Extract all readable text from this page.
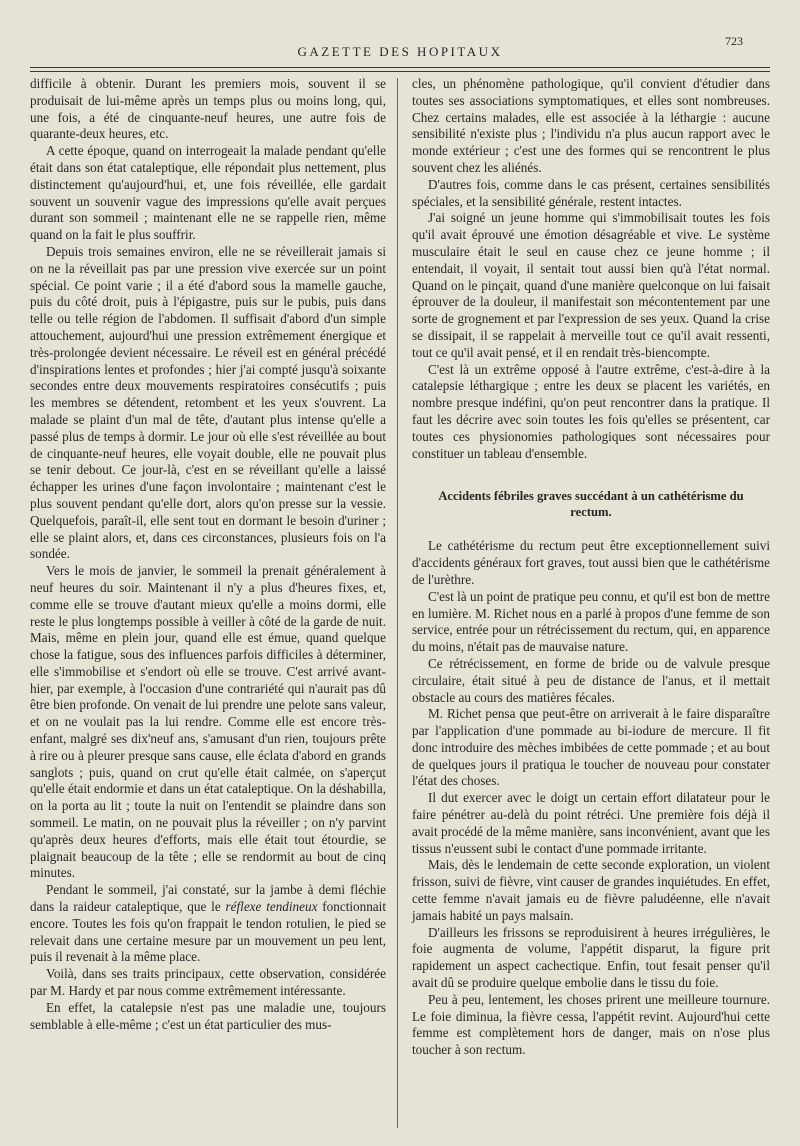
GAZETTE DES HOPITAUX
723

difficile à obtenir. Durant les premiers mois, souvent il se produisait de lui-même après un temps plus ou moins long, qui, une fois, a été de cinquante-neuf heures, une autre fois de quarante-deux heures, etc.

A cette époque, quand on interrogeait la malade pendant qu'elle était dans son état cataleptique, elle répondait plus nettement, plus distinctement qu'aujourd'hui, et, une fois réveillée, elle gardait souvent un souvenir vague des impressions qu'elle avait perçues durant son sommeil ; maintenant elle ne se rappelle rien, même quand on la fait le plus souffrir.

Depuis trois semaines environ, elle ne se réveillerait jamais si on ne la réveillait pas par une pression vive exercée sur un point spécial. Ce point varie ; il a été d'abord sous la mamelle gauche, puis du côté droit, puis à l'épigastre, puis sur le pubis, puis dans telle ou telle région de l'abdomen. Il suffisait d'abord d'un simple attouchement, aujourd'hui une pression extrêmement énergique et très-prolongée devient nécessaire. Le réveil est en général précédé d'inspirations lentes et profondes ; hier j'ai compté jusqu'à soixante secondes entre deux mouvements respiratoires consécutifs ; puis les membres se détendent, retombent et les yeux s'ouvrent. La malade se plaint d'un mal de tête, d'autant plus intense qu'elle a passé plus de temps à dormir. Le jour où elle s'est réveillée au bout de cinquante-neuf heures, elle voyait double, elle ne pouvait plus se tenir debout. Ce jour-là, c'est en se réveillant qu'elle a laissé échapper les urines d'une façon involontaire ; maintenant c'est le plus souvent pendant qu'elle dort, alors qu'on presse sur la vessie. Quelquefois, paraît-il, elle sent tout en dormant le besoin d'uriner ; elle se plaint alors, et, dans ces circonstances, plusieurs fois on l'a sondée.

Vers le mois de janvier, le sommeil la prenait généralement à neuf heures du soir. Maintenant il n'y a plus d'heures fixes, et, comme elle se trouve d'autant mieux qu'elle a moins dormi, elle reste le plus longtemps possible à veiller à côté de la garde de nuit. Mais, même en plein jour, quand elle est émue, quand quelque chose la fatigue, sous des influences parfois difficiles à déterminer, elle s'immobilise et s'endort où elle se trouve. C'est arrivé avant-hier, par exemple, à l'occasion d'une contrariété qui n'aurait pas dû être bien profonde. On venait de lui prendre une pelote sans valeur, et on ne voulait pas la lui rendre. Comme elle est encore très-enfant, malgré ses dix'neuf ans, s'amusant d'un rien, toujours prête à rire ou à pleurer presque sans cause, elle éclata d'abord en grands sanglots ; puis, quand on crut qu'elle était calmée, on s'aperçut qu'elle était endormie et dans un état cataleptique. On la déshabilla, on la porta au lit ; toute la nuit on l'entendit se plaindre dans son sommeil. Le matin, on ne pouvait plus la réveiller ; on n'y parvint qu'après deux heures d'efforts, mais elle était tout étourdie, se plaignait beaucoup de la tête ; elle se rendormit au bout de cinq minutes.

Pendant le sommeil, j'ai constaté, sur la jambe à demi fléchie dans la raideur cataleptique, que le réflexe tendineux fonctionnait encore. Toutes les fois qu'on frappait le tendon rotulien, le pied se relevait dans une certaine mesure par un mouvement un peu lent, puis il revenait à la même place.

Voilà, dans ses traits principaux, cette observation, considérée par M. Hardy et par nous comme extrêmement intéressante.

En effet, la catalepsie n'est pas une maladie une, toujours semblable à elle-même ; c'est un état particulier des mus-

cles, un phénomène pathologique, qu'il convient d'étudier dans toutes ses associations symptomatiques, et elles sont nombreuses. Chez certains malades, elle est associée à la léthargie : aucune sensibilité n'existe plus ; l'individu n'a plus aucun rapport avec le monde extérieur ; c'est une des formes qui se rencontrent le plus souvent chez les aliénés.

D'autres fois, comme dans le cas présent, certaines sensibilités spéciales, et la sensibilité générale, restent intactes.

J'ai soigné un jeune homme qui s'immobilisait toutes les fois qu'il avait éprouvé une émotion désagréable et vive. Le système musculaire était le seul en cause chez ce jeune homme ; il entendait, il voyait, il sentait tout aussi bien qu'à l'état normal. Quand on le pinçait, quand d'une manière quelconque on lui faisait éprouver de la douleur, il manifestait son mécontentement par une sorte de grognement et par l'expression de ses yeux. Quand la crise se dissipait, il se rappelait à merveille tout ce qu'il avait ressenti, tout ce qu'il avait pensé, et il en rendait très-biencompte.

C'est là un extrême opposé à l'autre extrême, c'est-à-dire à la catalepsie léthargique ; entre les deux se placent les variétés, en nombre presque indéfini, qu'on peut rencontrer dans la pratique. Il faut les décrire avec soin toutes les fois qu'elles se présentent, car toutes ces physionomies pathologiques sont nécessaires pour constituer un tableau d'ensemble.

Accidents fébriles graves succédant à un cathétérisme du rectum.

Le cathétérisme du rectum peut être exceptionnellement suivi d'accidents généraux fort graves, tout aussi bien que le cathétérisme de l'urèthre.

C'est là un point de pratique peu connu, et qu'il est bon de mettre en lumière. M. Richet nous en a parlé à propos d'une femme de son service, entrée pour un rétrécissement du rectum, qui, en apparence du moins, n'était pas de mauvaise nature.

Ce rétrécissement, en forme de bride ou de valvule presque circulaire, était situé à peu de distance de l'anus, et il mettait obstacle au cours des matières fécales.

M. Richet pensa que peut-être on arriverait à le faire disparaître par l'application d'une pommade au bi-iodure de mercure. Il fit donc introduire des mèches imbibées de cette pommade ; et au bout de quelques jours il pratiqua le toucher de nouveau pour constater l'état des choses.

Il dut exercer avec le doigt un certain effort dilatateur pour le faire pénétrer au-delà du point rétréci. Une première fois déjà il avait procédé de la même manière, sans inconvénient, avant que les tissus n'eussent subi le contact d'une pommade irritante.

Mais, dès le lendemain de cette seconde exploration, un violent frisson, suivi de fièvre, vint causer de grandes inquiétudes. En effet, cette femme n'avait jamais eu de fièvre paludéenne, elle n'avait jamais habité un pays malsain.

D'ailleurs les frissons se reproduisirent à heures irrégulières, le foie augmenta de volume, l'appétit disparut, la figure prit rapidement un aspect cachectique. Enfin, tout fesait penser qu'il avait dû se produire quelque embolie dans le tissu du foie.

Peu à peu, lentement, les choses prirent une meilleure tournure. Le foie diminua, la fièvre cessa, l'appétit revint. Aujourd'hui cette femme est complètement hors de danger, mais on n'ose plus toucher à son rectum.
